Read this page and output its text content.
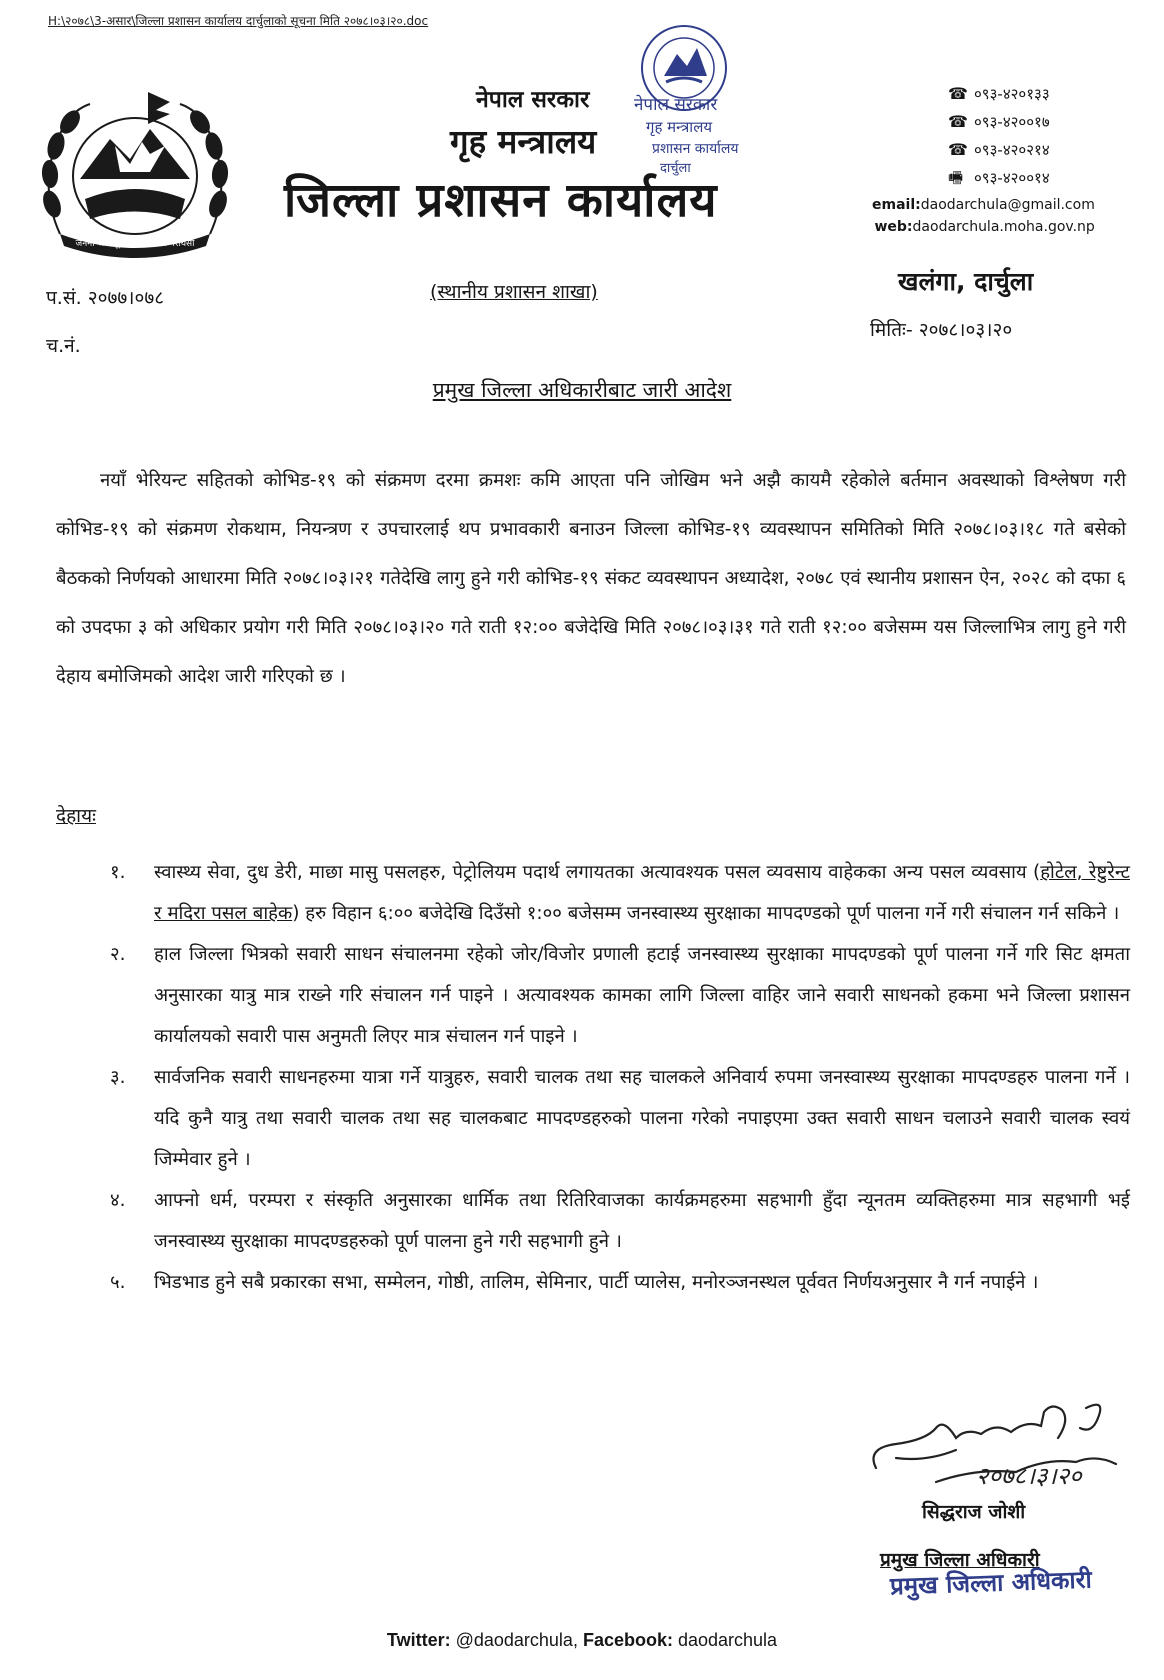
H:\२०७८\3-असार\जिल्ला प्रशासन कार्यालय दार्चुलाको सूचना मिति २०७८।०३।२०.doc
जननी जन्मभूमिश्च स्वर्गादपि गरीयसी
नेपाल सरकार
गृह मन्त्रालय
प्रशासन कार्यालय
दार्चुला
नेपाल सरकार
गृह मन्त्रालय
जिल्ला प्रशासन कार्यालय
☎ ०९३-४२०१३३
☎ ०९३-४२००१७
☎ ०९३-४२०२१४
🖷 ०९३-४२००१४
email:daodarchula@gmail.com
web:daodarchula.moha.gov.np
प.सं. २०७७।०७८
च.नं.
(स्थानीय प्रशासन शाखा)	खलंगा, दार्चुला
मितिः- २०७८।०३।२०
प्रमुख जिल्ला अधिकारीबाट जारी आदेश

नयाँ भेरियन्ट सहितको कोभिड-१९ को संक्रमण दरमा क्रमशः कमि आएता पनि जोखिम भने अझै कायमै रहेकोले बर्तमान अवस्थाको विश्लेषण गरी कोभिड-१९ को संक्रमण रोकथाम, नियन्त्रण र उपचारलाई थप प्रभावकारी बनाउन जिल्ला कोभिड-१९ व्यवस्थापन समितिको मिति २०७८।०३।१८ गते बसेको बैठकको निर्णयको आधारमा मिति २०७८।०३।२१ गतेदेखि लागु हुने गरी कोभिड-१९ संकट व्यवस्थापन अध्यादेश, २०७८ एवं स्थानीय प्रशासन ऐन, २०२८ को दफा ६ को उपदफा ३ को अधिकार प्रयोग गरी मिति २०७८।०३।२० गते राती १२:०० बजेदेखि मिति २०७८।०३।३१ गते राती १२:०० बजेसम्म यस जिल्लाभित्र लागु हुने गरी देहाय बमोजिमको आदेश जारी गरिएको छ ।

देहायः
१. स्वास्थ्य सेवा, दुध डेरी, माछा मासु पसलहरु, पेट्रोलियम पदार्थ लगायतका अत्यावश्यक पसल व्यवसाय वाहेकका अन्य पसल व्यवसाय (होटेल, रेष्टुरेन्ट र मदिरा पसल बाहेक) हरु विहान ६:०० बजेदेखि दिउँसो १:०० बजेसम्म जनस्वास्थ्य सुरक्षाका मापदण्डको पूर्ण पालना गर्ने गरी संचालन गर्न सकिने ।
२. हाल जिल्ला भित्रको सवारी साधन संचालनमा रहेको जोर/विजोर प्रणाली हटाई जनस्वास्थ्य सुरक्षाका मापदण्डको पूर्ण पालना गर्ने गरि सिट क्षमता अनुसारका यात्रु मात्र राख्ने गरि संचालन गर्न पाइने । अत्यावश्यक कामका लागि जिल्ला वाहिर जाने सवारी साधनको हकमा भने जिल्ला प्रशासन कार्यालयको सवारी पास अनुमती लिएर मात्र संचालन गर्न पाइने ।
३. सार्वजनिक सवारी साधनहरुमा यात्रा गर्ने यात्रुहरु, सवारी चालक तथा सह चालकले अनिवार्य रुपमा जनस्वास्थ्य सुरक्षाका मापदण्डहरु पालना गर्ने । यदि कुनै यात्रु तथा सवारी चालक तथा सह चालकबाट मापदण्डहरुको पालना गरेको नपाइएमा उक्त सवारी साधन चलाउने सवारी चालक स्वयं जिम्मेवार हुने ।
४. आफ्नो धर्म, परम्परा र संस्कृति अनुसारका धार्मिक तथा रितिरिवाजका कार्यक्रमहरुमा सहभागी हुँदा न्यूनतम व्यक्तिहरुमा मात्र सहभागी भई जनस्वास्थ्य सुरक्षाका मापदण्डहरुको पूर्ण पालना हुने गरी सहभागी हुने ।
५. भिडभाड हुने सबै प्रकारका सभा, सम्मेलन, गोष्ठी, तालिम, सेमिनार, पार्टी प्यालेस, मनोरञ्जनस्थल पूर्ववत निर्णयअनुसार नै गर्न नपाईने ।
२०७८।३।२०
सिद्धराज जोशी
प्रमुख जिल्ला अधिकारी
प्रमुख जिल्ला अधिकारी
Twitter: @daodarchula, Facebook: daodarchula
